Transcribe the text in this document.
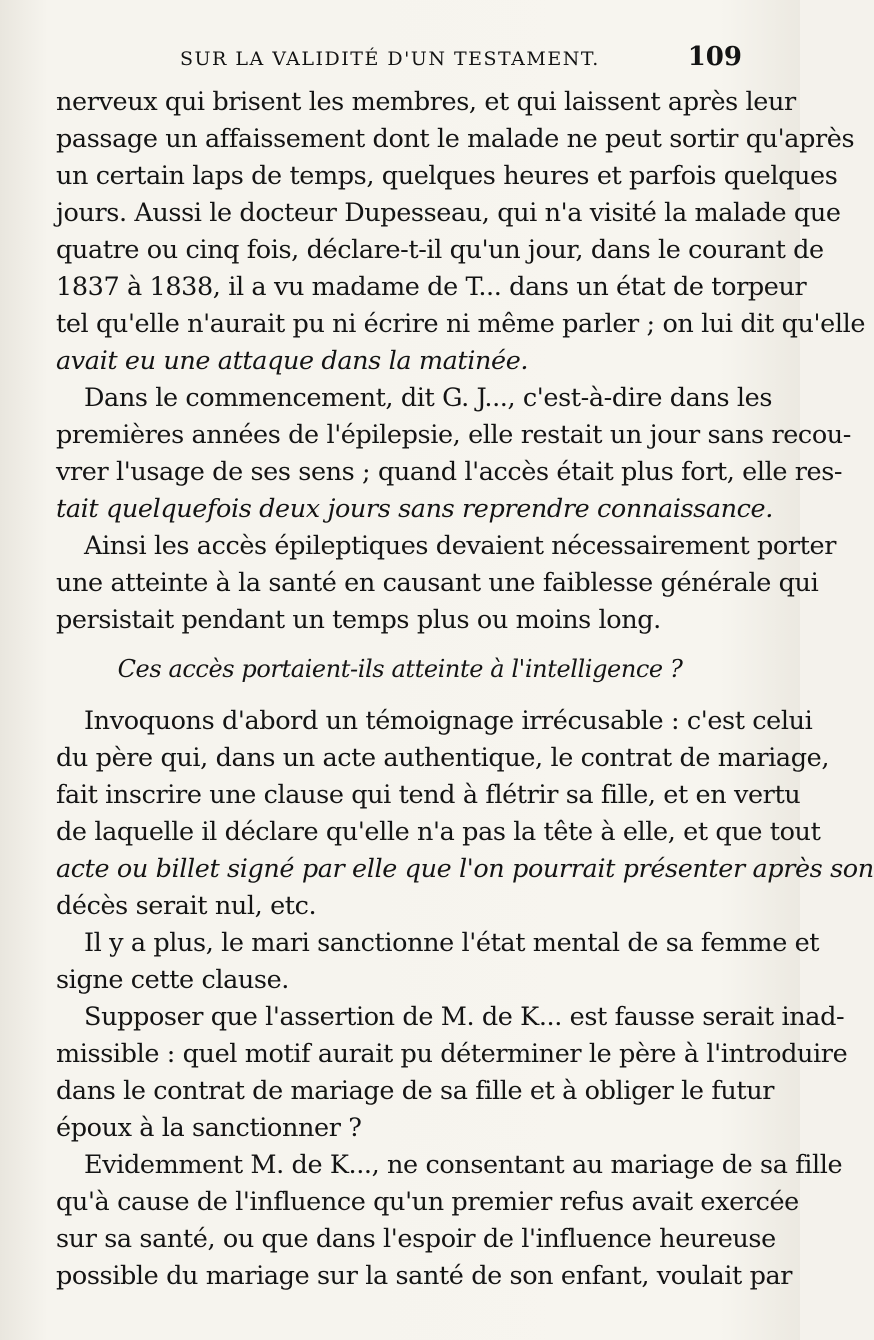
SUR LA VALIDITÉ D'UN TESTAMENT.	109
nerveux qui brisent les membres, et qui laissent après leur
passage un affaissement dont le malade ne peut sortir qu'après
un certain laps de temps, quelques heures et parfois quelques
jours. Aussi le docteur Dupesseau, qui n'a visité la malade que
quatre ou cinq fois, déclare-t-il qu'un jour, dans le courant de
1837 à 1838, il a vu madame de T... dans un état de torpeur
tel qu'elle n'aurait pu ni écrire ni même parler ; on lui dit qu'elle
avait eu une attaque dans la matinée.
Dans le commencement, dit G. J..., c'est-à-dire dans les
premières années de l'épilepsie, elle restait un jour sans recou-
vrer l'usage de ses sens ; quand l'accès était plus fort, elle res-
tait quelquefois deux jours sans reprendre connaissance.
Ainsi les accès épileptiques devaient nécessairement porter
une atteinte à la santé en causant une faiblesse générale qui
persistait pendant un temps plus ou moins long.
Ces accès portaient-ils atteinte à l'intelligence ?
Invoquons d'abord un témoignage irrécusable : c'est celui
du père qui, dans un acte authentique, le contrat de mariage,
fait inscrire une clause qui tend à flétrir sa fille, et en vertu
de laquelle il déclare qu'elle n'a pas la tête à elle, et que tout
acte ou billet signé par elle que l'on pourrait présenter après son
décès serait nul, etc.
Il y a plus, le mari sanctionne l'état mental de sa femme et
signe cette clause.
Supposer que l'assertion de M. de K... est fausse serait inad-
missible : quel motif aurait pu déterminer le père à l'introduire
dans le contrat de mariage de sa fille et à obliger le futur
époux à la sanctionner ?
Evidemment M. de K..., ne consentant au mariage de sa fille
qu'à cause de l'influence qu'un premier refus avait exercée
sur sa santé, ou que dans l'espoir de l'influence heureuse
possible du mariage sur la santé de son enfant, voulait par
